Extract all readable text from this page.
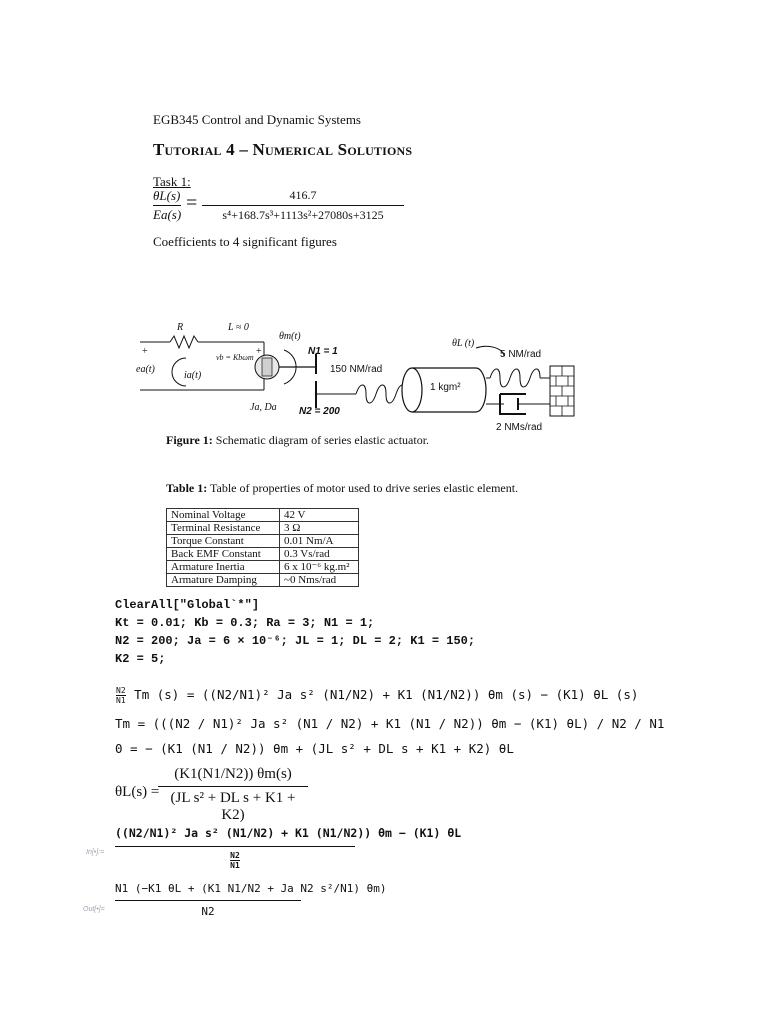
EGB345 Control and Dynamic Systems
Tutorial 4 – Numerical Solutions
Task 1:
θL(s)
Ea(s)
=	416.7
s⁴+168.7s³+1113s²+27080s+3125
Coefficients to 4 significant figures
R	L ≈ 0
θm(t)
N1 = 1
θL (t)
+	+
vb = Kbωm
ea(t)
ia(t)
Ja, Da N2 = 200
150 NM/rad
1 kgm²
5 NM/rad
2 NMs/rad
Figure 1: Schematic diagram of series elastic actuator.
Table 1: Table of properties of motor used to drive series elastic element.
Nominal Voltage	42 V
Terminal Resistance	3 Ω
Torque Constant	0.01 Nm/A
Back EMF Constant	0.3 Vs/rad
Armature Inertia	6 x 10⁻⁶ kg.m²
Armature Damping	~0 Nms/rad
ClearAll["Global`*"]
Kt = 0.01; Kb = 0.3; Ra = 3; N1 = 1;
N2 = 200; Ja = 6 × 10⁻⁶; JL = 1; DL = 2; K1 = 150;
K2 = 5;
$\frac{N2}{N1}$ Tm (s) = ((N2/N1)² Ja s² (N1/N2) + K1 (N1/N2)) θm (s) − (K1) θL (s)
Tm = (((N2 / N1)² Ja s² (N1 / N2) + K1 (N1 / N2)) θm − (K1) θL) / N2 / N1
0 = − (K1 (N1 / N2)) θm + (JL s² + DL s + K1 + K2) θL
θL(s) =
(K1(N1/N2)) θm(s)
(JL s² + DL s + K1 + K2)
In[•]:=
((N2/N1)² Ja s² (N1/N2) + K1 (N1/N2)) θm − (K1) θL
$\frac{N2}{N1}$
Out[•]=
N1 (−K1 θL + (K1 N1/N2 + Ja N2 s²/N1) θm)
N2
